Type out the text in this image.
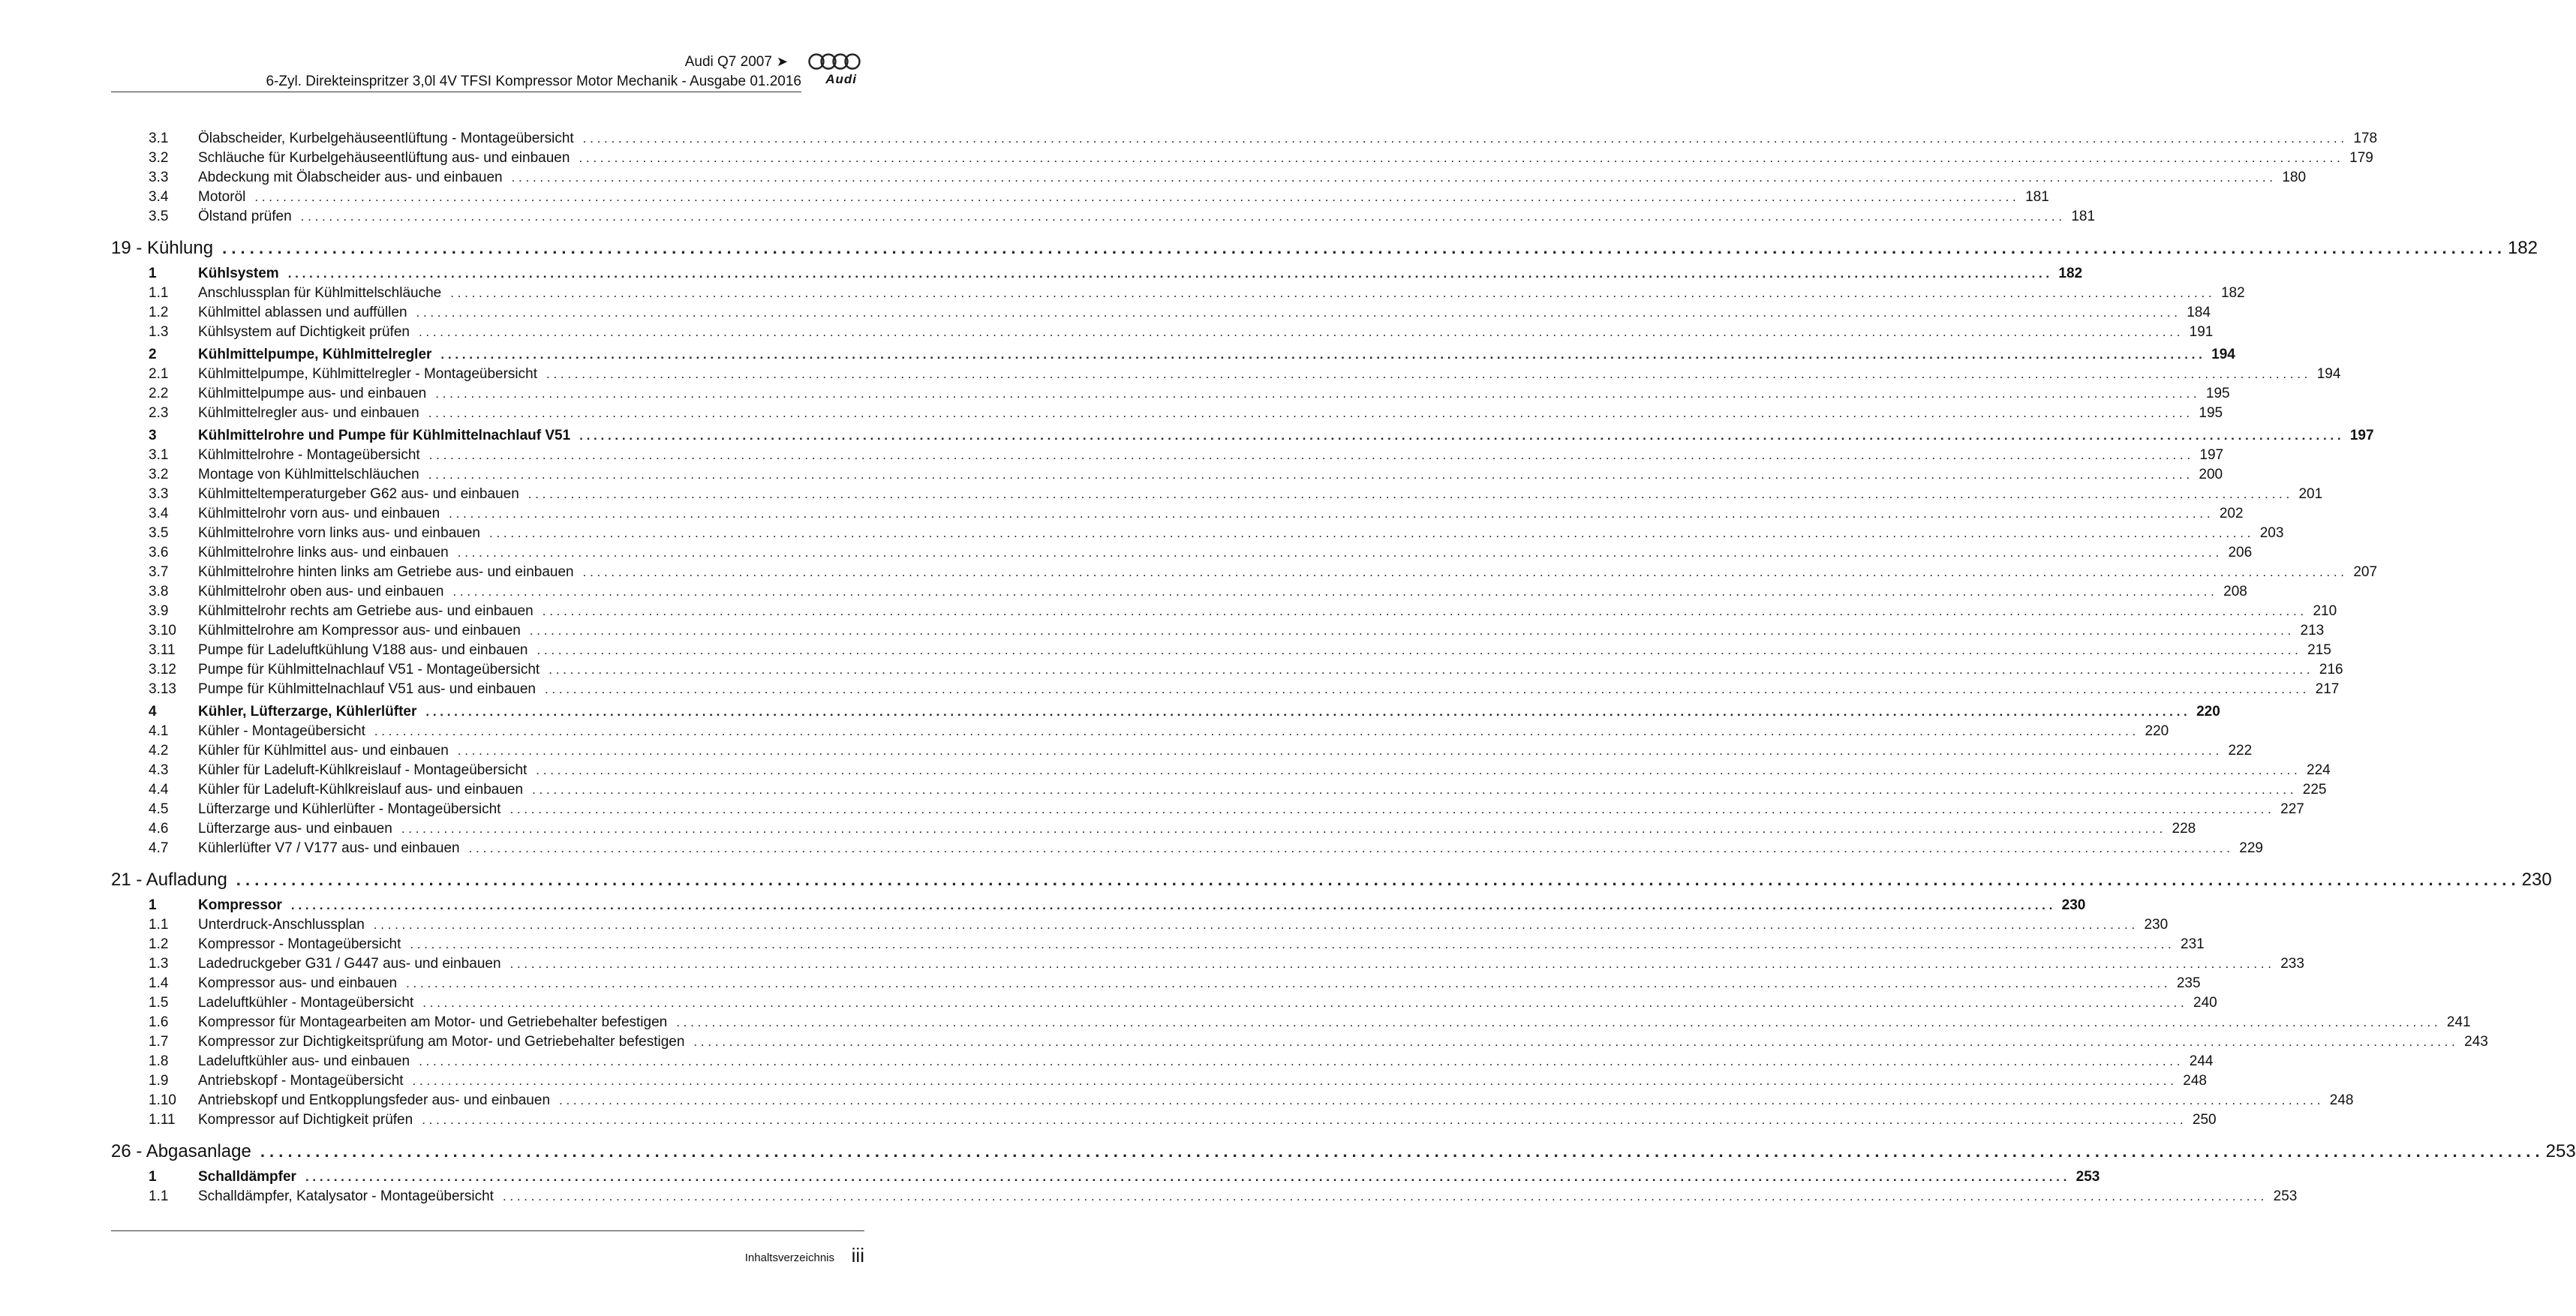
Audi Q7 2007 ➤
6-Zyl. Direkteinspritzer 3,0l 4V TFSI Kompressor Motor Mechanik - Ausgabe 01.2016 Audi
3.1	Ölabscheider, Kurbelgehäuseentlüftung - Montageübersicht . . .	178
3.2	Schläuche für Kurbelgehäuseentlüftung aus- und einbauen . . .	179
3.3	Abdeckung mit Ölabscheider aus- und einbauen . . .	180
3.4	Motoröl . . .	181
3.5	Ölstand prüfen . . .	181
19 - Kühlung . . .	182
1	Kühlsystem . . .	182
1.1	Anschlussplan für Kühlmittelschläuche . . .	182
1.2	Kühlmittel ablassen und auffüllen . . .	184
1.3	Kühlsystem auf Dichtigkeit prüfen . . .	191
2	Kühlmittelpumpe, Kühlmittelregler . . .	194
2.1	Kühlmittelpumpe, Kühlmittelregler - Montageübersicht . . .	194
2.2	Kühlmittelpumpe aus- und einbauen . . .	195
2.3	Kühlmittelregler aus- und einbauen . . .	195
3	Kühlmittelrohre und Pumpe für Kühlmittelnachlauf V51 . . .	197
3.1	Kühlmittelrohre - Montageübersicht . . .	197
3.2	Montage von Kühlmittelschläuchen . . .	200
3.3	Kühlmitteltemperaturgeber G62 aus- und einbauen . . .	201
3.4	Kühlmittelrohr vorn aus- und einbauen . . .	202
3.5	Kühlmittelrohre vorn links aus- und einbauen . . .	203
3.6	Kühlmittelrohre links aus- und einbauen . . .	206
3.7	Kühlmittelrohre hinten links am Getriebe aus- und einbauen . . .	207
3.8	Kühlmittelrohr oben aus- und einbauen . . .	208
3.9	Kühlmittelrohr rechts am Getriebe aus- und einbauen . . .	210
3.10	Kühlmittelrohre am Kompressor aus- und einbauen . . .	213
3.11	Pumpe für Ladeluftkühlung V188 aus- und einbauen . . .	215
3.12	Pumpe für Kühlmittelnachlauf V51 - Montageübersicht . . .	216
3.13	Pumpe für Kühlmittelnachlauf V51 aus- und einbauen . . .	217
4	Kühler, Lüfterzarge, Kühlerlüfter . . .	220
4.1	Kühler - Montageübersicht . . .	220
4.2	Kühler für Kühlmittel aus- und einbauen . . .	222
4.3	Kühler für Ladeluft-Kühlkreislauf - Montageübersicht . . .	224
4.4	Kühler für Ladeluft-Kühlkreislauf aus- und einbauen . . .	225
4.5	Lüfterzarge und Kühlerlüfter - Montageübersicht . . .	227
4.6	Lüfterzarge aus- und einbauen . . .	228
4.7	Kühlerlüfter V7 / V177 aus- und einbauen . . .	229
21 - Aufladung . . .	230
1	Kompressor . . .	230
1.1	Unterdruck-Anschlussplan . . .	230
1.2	Kompressor - Montageübersicht . . .	231
1.3	Ladedruckgeber G31 / G447 aus- und einbauen . . .	233
1.4	Kompressor aus- und einbauen . . .	235
1.5	Ladeluftkühler - Montageübersicht . . .	240
1.6	Kompressor für Montagearbeiten am Motor- und Getriebehalter befestigen . . .	241
1.7	Kompressor zur Dichtigkeitsprüfung am Motor- und Getriebehalter befestigen . . .	243
1.8	Ladeluftkühler aus- und einbauen . . .	244
1.9	Antriebskopf - Montageübersicht . . .	248
1.10	Antriebskopf und Entkopplungsfeder aus- und einbauen . . .	248
1.11	Kompressor auf Dichtigkeit prüfen . . .	250
26 - Abgasanlage . . .	253
1	Schalldämpfer . . .	253
1.1	Schalldämpfer, Katalysator - Montageübersicht . . .	253
Inhaltsverzeichnis iii
